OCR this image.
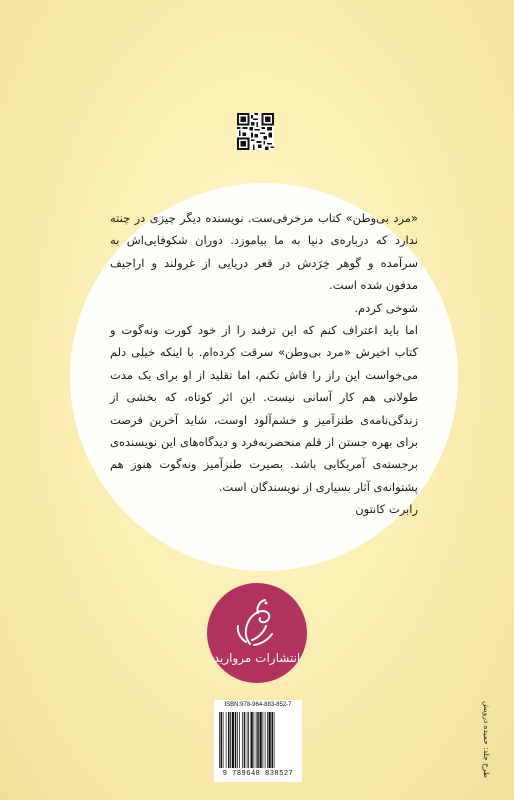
«مرد بی‌وطن» کتاب مزخرفی‌ست. نویسنده دیگر چیزی در چنته ندارد که درباره‌ی دنیا به ما بیاموزد. دوران شکوفایی‌اش به سرآمده و گوهر خِرَدش در قعر دریایی از غرولند و اراجیف مدفون شده است.

شوخی کردم.

اما باید اعتراف کنم که این ترفند را از خود کورت ونه‌گوت و کتاب اخیرش «مرد بی‌وطن» سرقت کرده‌ام. با اینکه خیلی دلم می‌خواست این راز را فاش نکنم، اما تقلید از او برای یک مدت طولانی هم کار آسانی نیست. این اثر کوتاه، که بخشی از زندگی‌نامه‌ی طنزآمیز و خشم‌آلود اوست، شاید آخرین فرصت برای بهره جستن از قلم منحصربه‌فرد و دیدگاه‌های این نویسنده‌ی برجسته‌ی آمریکایی باشد. بصیرت طنزآمیز ونه‌گوت هنوز هم پشتوانه‌ی آثار بسیاری از نویسندگان است.

رابرت کانتون

انتشارات مروارید
ISBN:978-964-883-852-7
9 789648 838527	طرح جلد: حمیده درویش
